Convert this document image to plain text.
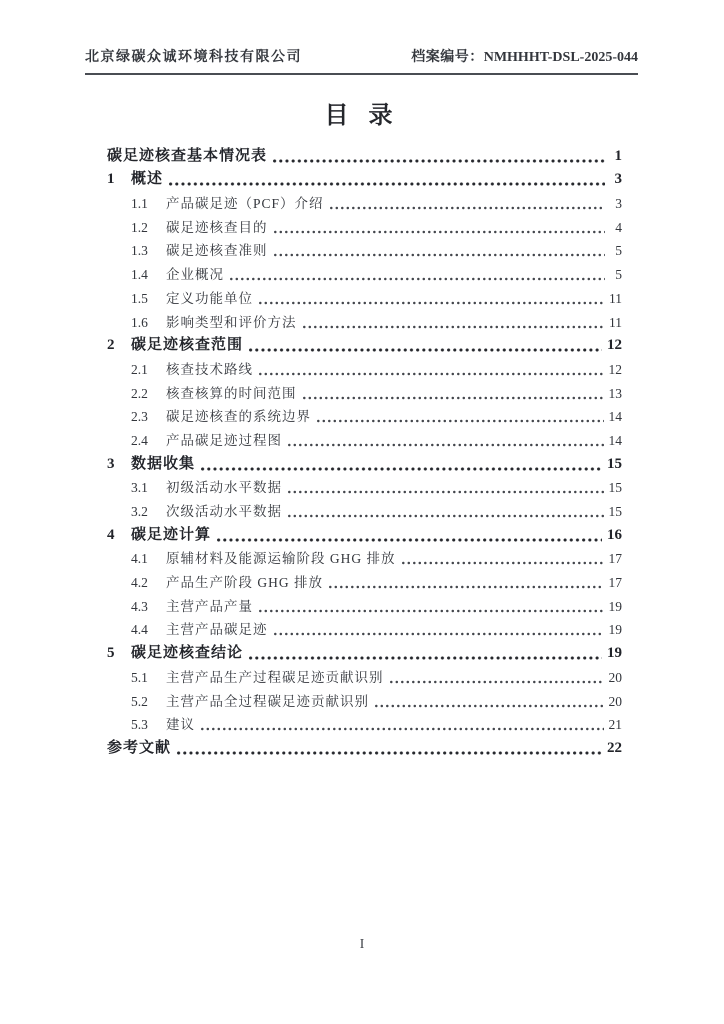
北京绿碳众诚环境科技有限公司	档案编号：NMHHHT-DSL-2025-044
目 录
碳足迹核查基本情况表	1
1	概述	3
1.1	产品碳足迹（PCF）介绍	3
1.2	碳足迹核查目的	4
1.3	碳足迹核查准则	5
1.4	企业概况	5
1.5	定义功能单位	11
1.6	影响类型和评价方法	11
2	碳足迹核查范围	12
2.1	核查技术路线	12
2.2	核查核算的时间范围	13
2.3	碳足迹核查的系统边界	14
2.4	产品碳足迹过程图	14
3	数据收集	15
3.1	初级活动水平数据	15
3.2	次级活动水平数据	15
4	碳足迹计算	16
4.1	原辅材料及能源运输阶段 GHG 排放	17
4.2	产品生产阶段 GHG 排放	17
4.3	主营产品产量	19
4.4	主营产品碳足迹	19
5	碳足迹核查结论	19
5.1	主营产品生产过程碳足迹贡献识别	20
5.2	主营产品全过程碳足迹贡献识别	20
5.3	建议	21
参考文献	22
I
